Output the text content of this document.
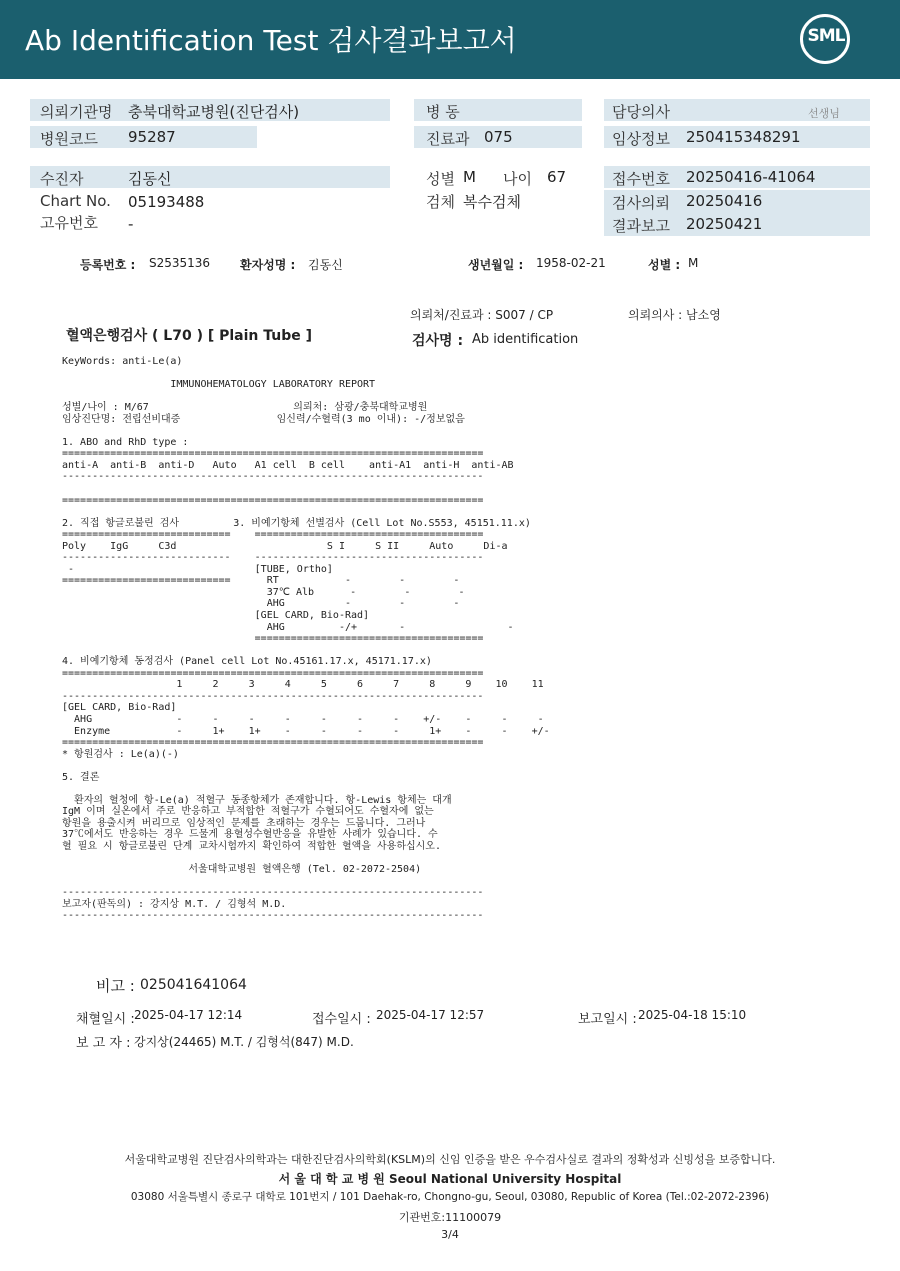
Ab Identification Test 검사결과보고서	SML
의뢰기관명 충북대학교병원(진단검사)
병원코드 95287
병 동
진료과 075
담당의사	선생님
임상정보 250415348291
수진자	김동신
Chart No. 05193488
고유번호 -
성별 M 나이 67
검체 복수검체
접수번호 20250416-41064
검사의뢰 20250416
결과보고 20250421
등록번호 : S2535136 환자성명 : 김동신	생년월일 : 1958-02-21	성별 : M
의뢰처/진료과 : S007 / CP	의뢰의사 : 남소영
혈액은행검사 ( L70 ) [ Plain Tube ]	검사명 : Ab identification
KeyWords: anti-Le(a)

IMMUNOHEMATOLOGY LABORATORY REPORT

성별/나이 : M/67                        의뢰처: 삼광/충북대학교병원
임상진단명: 전립선비대증                임신력/수혈력(3 mo 이내): -/정보없음

1. ABO and RhD type :
======================================================================
anti-A  anti-B  anti-D   Auto   A1 cell  B cell    anti-A1  anti-H  anti-AB
----------------------------------------------------------------------

======================================================================

2. 직접 항글로불린 검사         3. 비예기항체 선별검사 (Cell Lot No.S553, 45151.11.x)
============================    ======================================
Poly    IgG     C3d                         S I     S II     Auto     Di-a
----------------------------    --------------------------------------
-                              [TUBE, Ortho]
============================      RT           -        -        -
37℃ Alb      -        -        -
AHG          -        -        -
[GEL CARD, Bio-Rad]
AHG         -/+       -                 -
======================================

4. 비예기항체 동정검사 (Panel cell Lot No.45161.17.x, 45171.17.x)
======================================================================
1     2     3     4     5     6     7     8     9    10    11
----------------------------------------------------------------------
[GEL CARD, Bio-Rad]
AHG              -     -     -     -     -     -     -    +/-    -     -     -
Enzyme           -     1+    1+    -     -     -     -     1+    -     -    +/-
======================================================================
* 항원검사 : Le(a)(-)

5. 결론

환자의 혈청에 항-Le(a) 적혈구 동종항체가 존재합니다. 항-Lewis 항체는 대개
IgM 이며 실온에서 주로 반응하고 부적합한 적혈구가 수혈되어도 수혈자에 없는
항원을 용출시켜 버리므로 임상적인 문제를 초래하는 경우는 드뭅니다. 그러나
37℃에서도 반응하는 경우 드물게 용혈성수혈반응을 유발한 사례가 있습니다. 수
혈 필요 시 항글로불린 단계 교차시험까지 확인하여 적합한 혈액을 사용하십시오.

서울대학교병원 혈액은행 (Tel. 02-2072-2504)

----------------------------------------------------------------------
보고자(판독의) : 강지상 M.T. / 김형석 M.D.
----------------------------------------------------------------------
비고 : 025041641064
채혈일시 : 2025-04-17 12:14	접수일시 : 2025-04-17 12:57	보고일시 : 2025-04-18 15:10
보 고 자 : 강지상(24465) M.T. / 김형석(847) M.D.
서울대학교병원 진단검사의학과는 대한진단검사의학회(KSLM)의 신임 인증을 받은 우수검사실로 결과의 정확성과 신빙성을 보증합니다.
서 울 대 학 교 병 원 Seoul National University Hospital
03080 서울특별시 종로구 대학로 101번지 / 101 Daehak-ro, Chongno-gu, Seoul, 03080, Republic of Korea (Tel.:02-2072-2396)
기관번호:11100079
3/4
